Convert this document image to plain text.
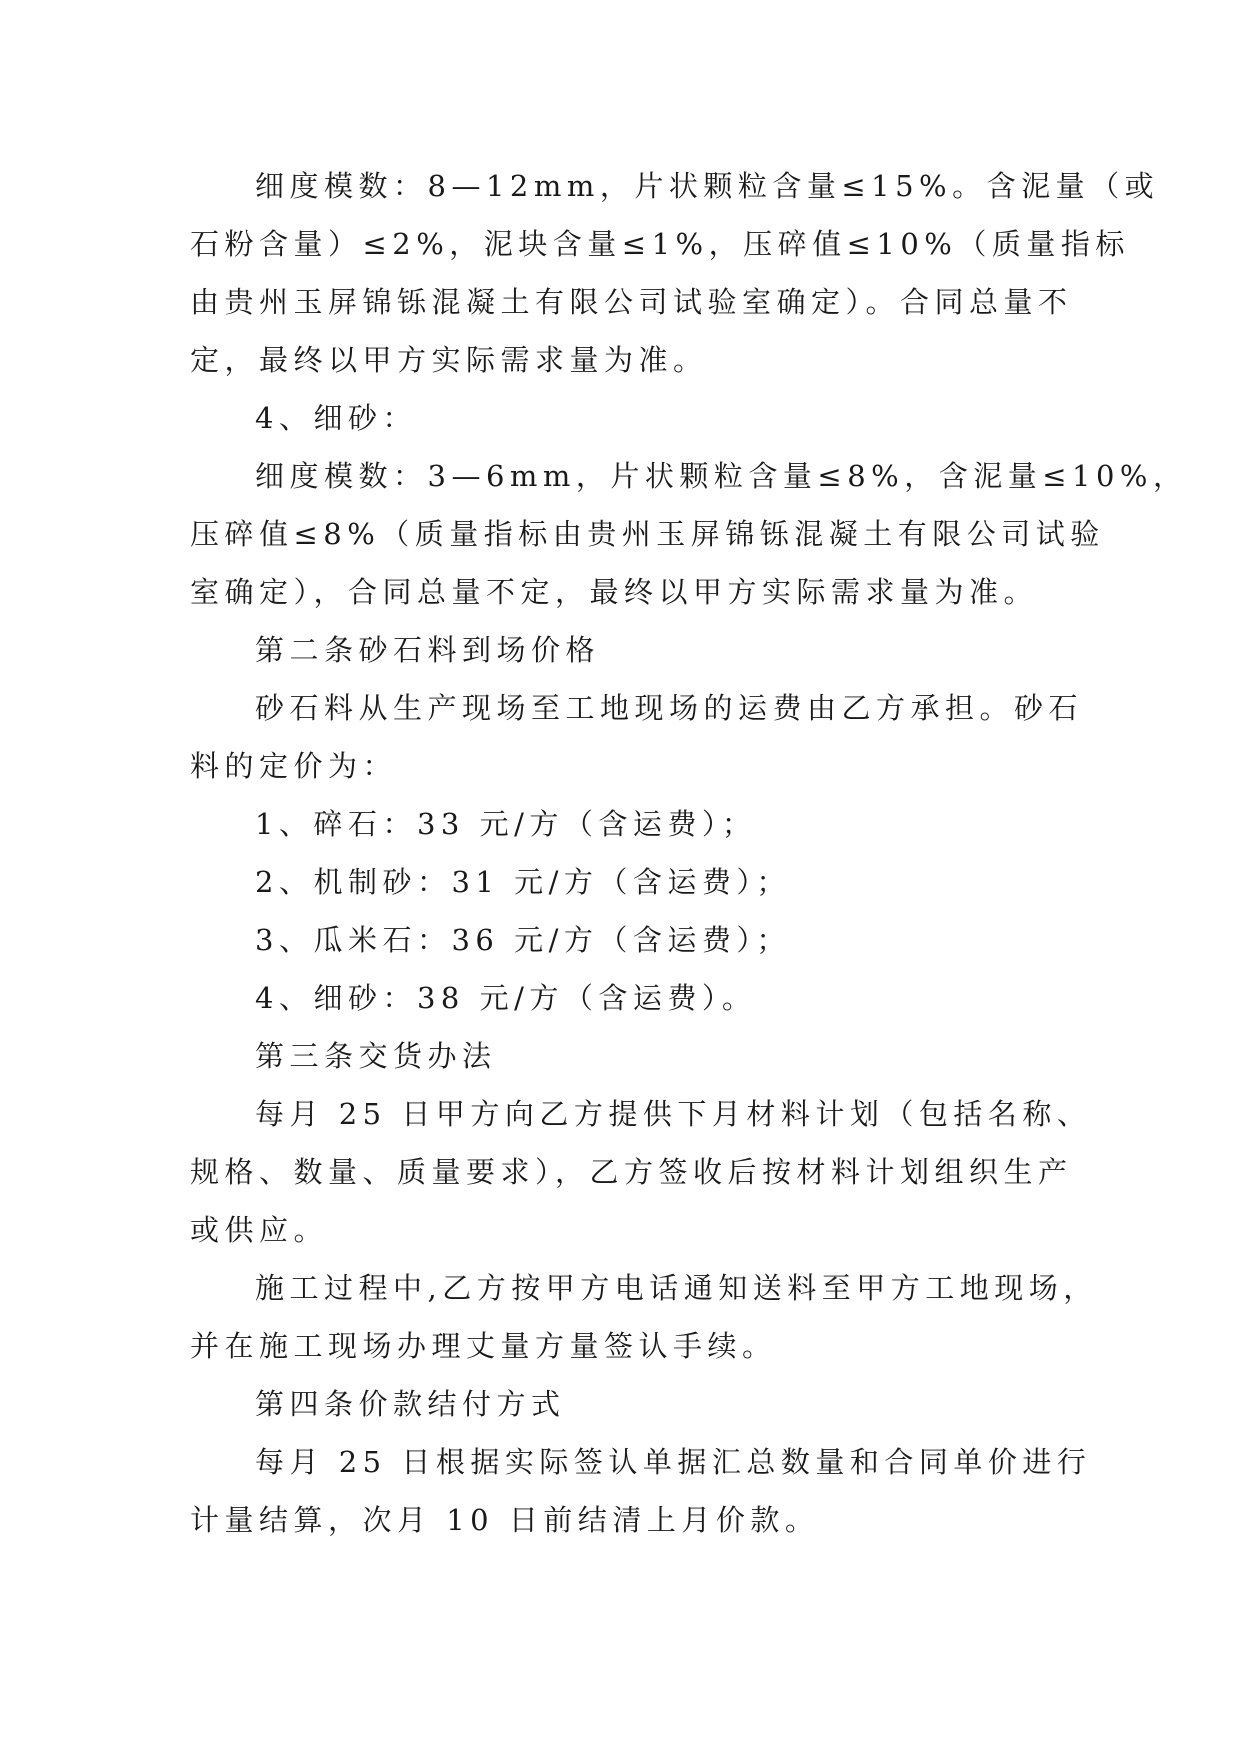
细度模数：8—12mm，片状颗粒含量≤15%。含泥量（或
石粉含量）≤2%，泥块含量≤1%，压碎值≤10%（质量指标
由贵州玉屏锦铄混凝土有限公司试验室确定）。合同总量不
定，最终以甲方实际需求量为准。
4、细砂：
细度模数：3—6mm，片状颗粒含量≤8%，含泥量≤10%，
压碎值≤8%（质量指标由贵州玉屏锦铄混凝土有限公司试验
室确定），合同总量不定，最终以甲方实际需求量为准。
第二条砂石料到场价格
砂石料从生产现场至工地现场的运费由乙方承担。砂石
料的定价为：
1、碎石：33 元/方（含运费）；
2、机制砂：31 元/方（含运费）；
3、瓜米石：36 元/方（含运费）；
4、细砂：38 元/方（含运费）。
第三条交货办法
每月 25 日甲方向乙方提供下月材料计划（包括名称、
规格、数量、质量要求），乙方签收后按材料计划组织生产
或供应。
施工过程中,乙方按甲方电话通知送料至甲方工地现场，
并在施工现场办理丈量方量签认手续。
第四条价款结付方式
每月 25 日根据实际签认单据汇总数量和合同单价进行
计量结算，次月 10 日前结清上月价款。
